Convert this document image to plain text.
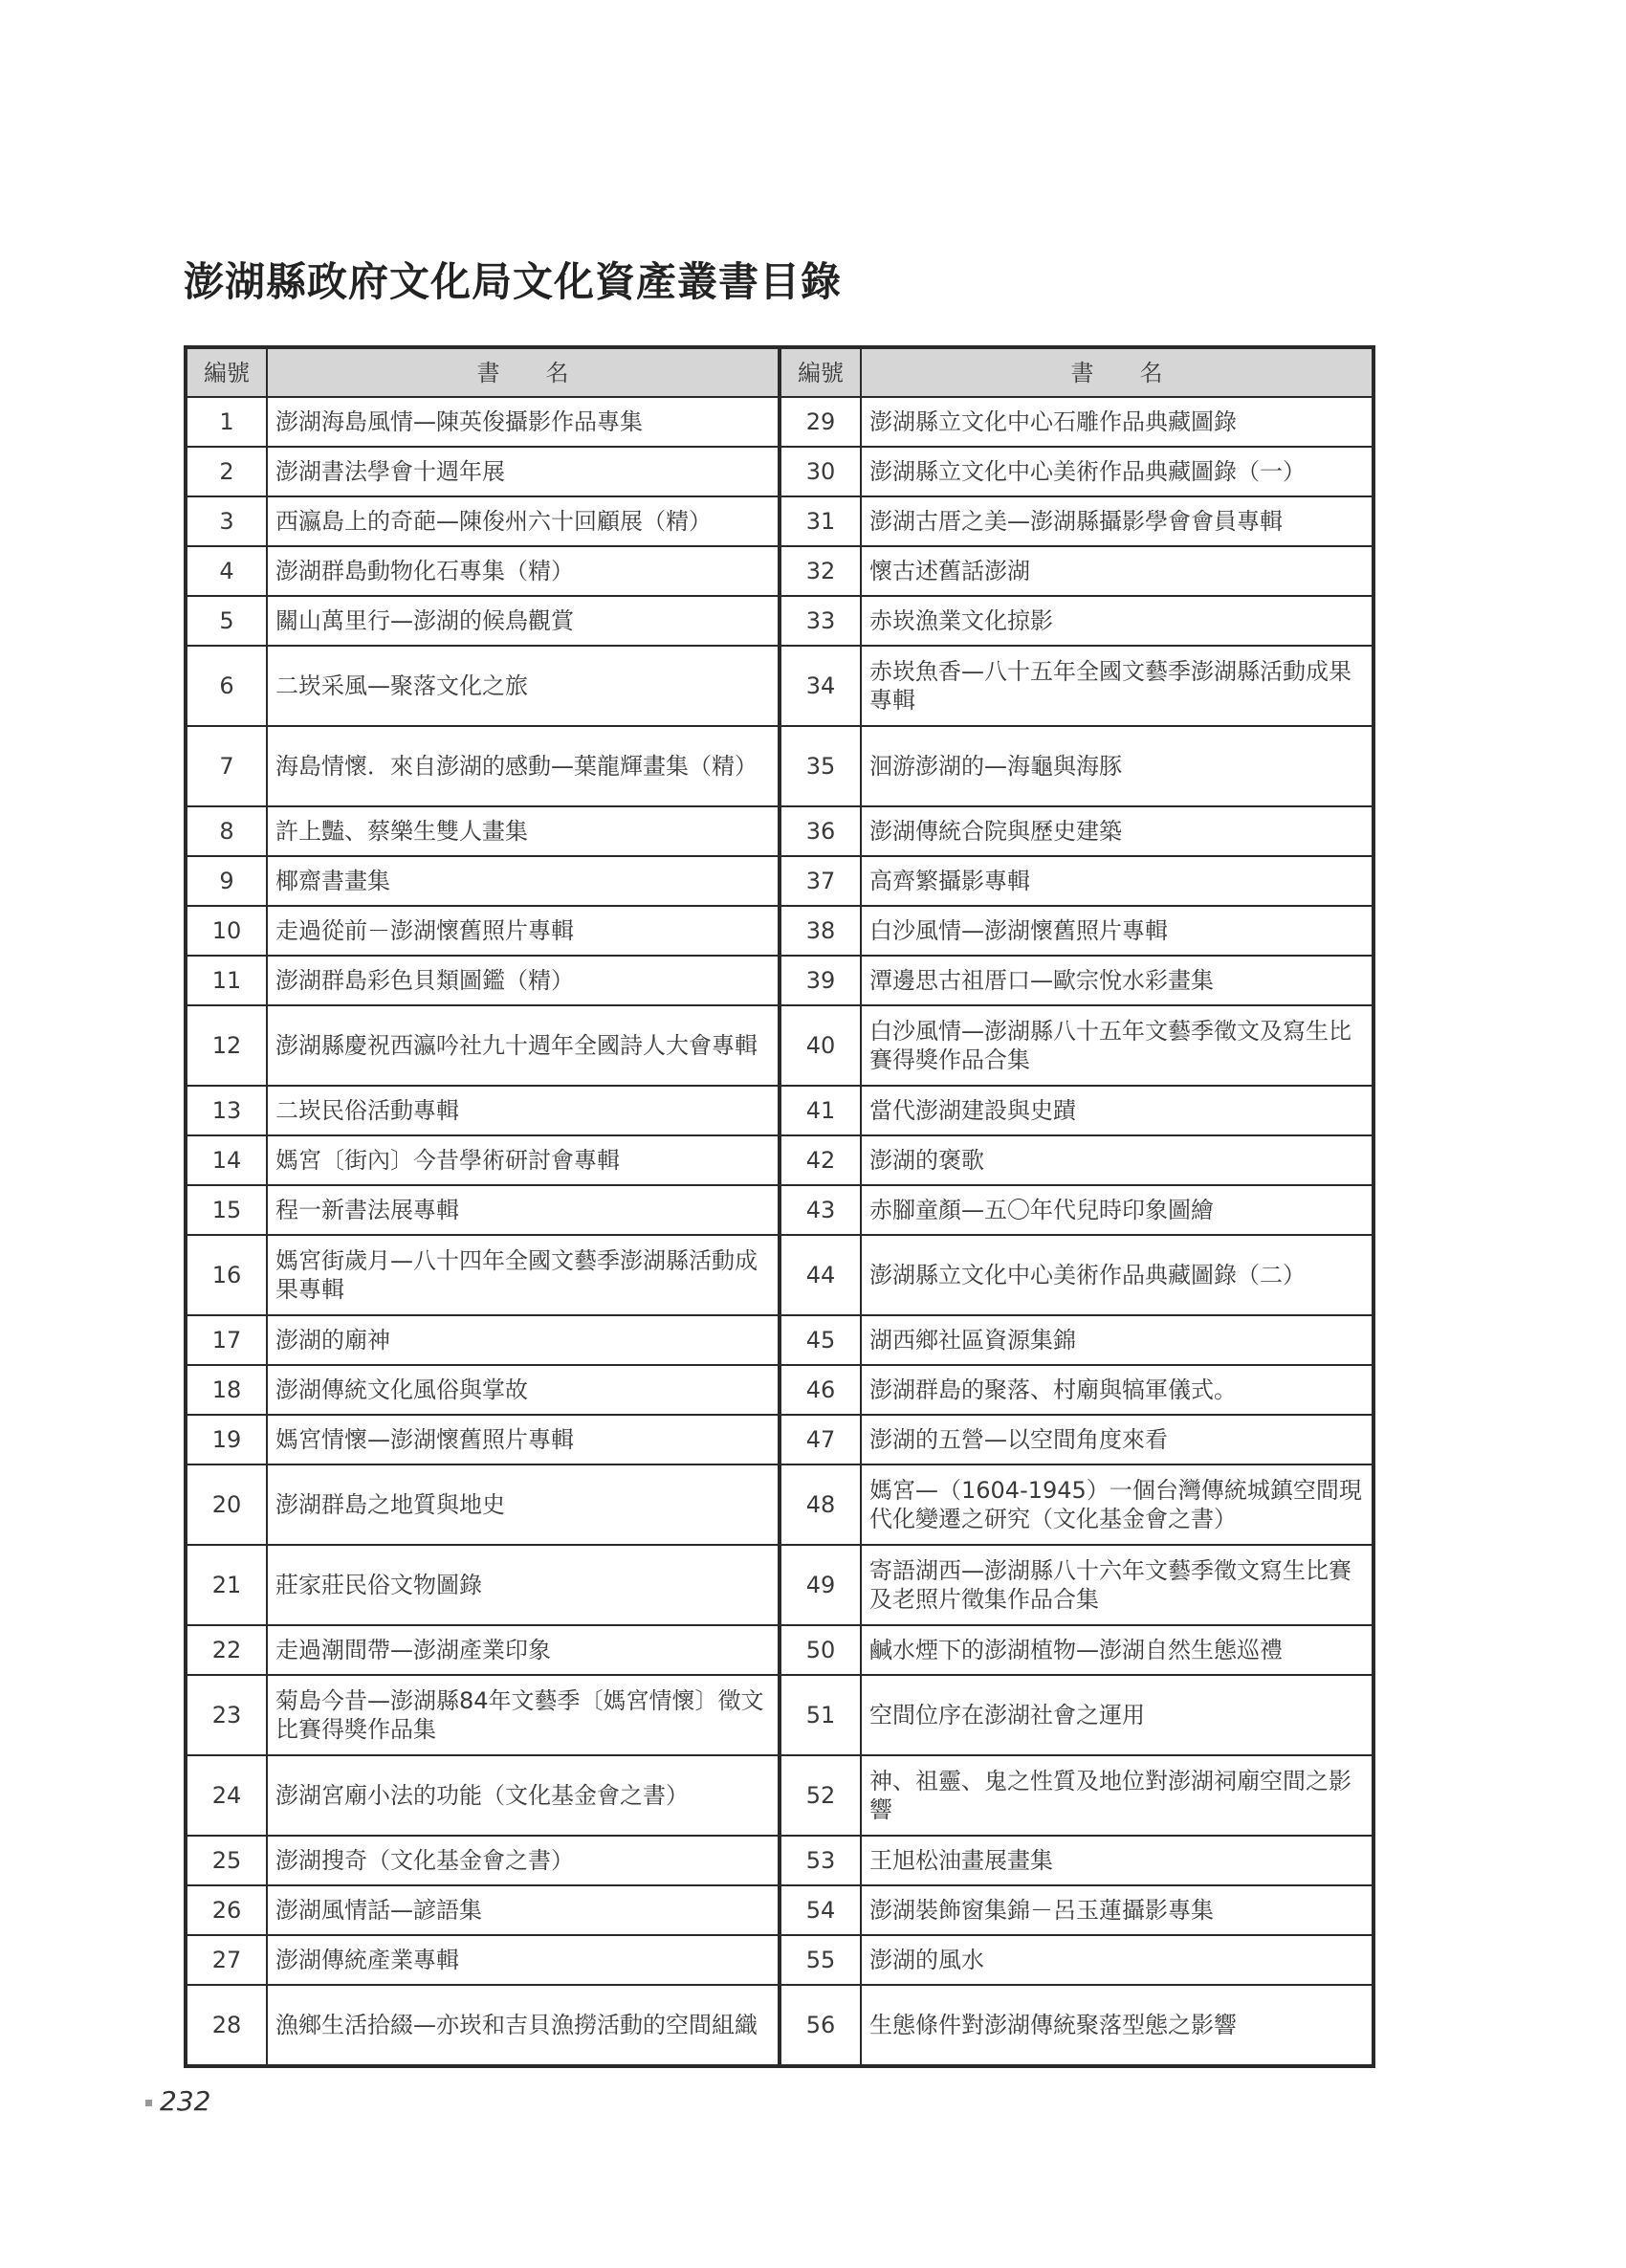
澎湖縣政府文化局文化資產叢書目錄
編號	書　　名	編號	書　　名
1	澎湖海島風情—陳英俊攝影作品專集	29	澎湖縣立文化中心石雕作品典藏圖錄
2	澎湖書法學會十週年展	30	澎湖縣立文化中心美術作品典藏圖錄（一）
3	西瀛島上的奇葩—陳俊州六十回顧展（精）	31	澎湖古厝之美—澎湖縣攝影學會會員專輯
4	澎湖群島動物化石專集（精）	32	懷古述舊話澎湖
5	關山萬里行—澎湖的候鳥觀賞	33	赤崁漁業文化掠影
6	二崁采風—聚落文化之旅	34	赤崁魚香—八十五年全國文藝季澎湖縣活動成果專輯
7	海島情懷．來自澎湖的感動—葉龍輝畫集（精）	35	洄游澎湖的—海龜與海豚
8	許上豔、蔡樂生雙人畫集	36	澎湖傳統合院與歷史建築
9	椰齋書畫集	37	高齊繁攝影專輯
10	走過從前－澎湖懷舊照片專輯	38	白沙風情—澎湖懷舊照片專輯
11	澎湖群島彩色貝類圖鑑（精）	39	潭邊思古祖厝口—歐宗悅水彩畫集
12	澎湖縣慶祝西瀛吟社九十週年全國詩人大會專輯	40	白沙風情—澎湖縣八十五年文藝季徵文及寫生比賽得獎作品合集
13	二崁民俗活動專輯	41	當代澎湖建設與史蹟
14	媽宮〔街內〕今昔學術研討會專輯	42	澎湖的褒歌
15	程一新書法展專輯	43	赤腳童顏—五〇年代兒時印象圖繪
16	媽宮街歲月—八十四年全國文藝季澎湖縣活動成果專輯	44	澎湖縣立文化中心美術作品典藏圖錄（二）
17	澎湖的廟神	45	湖西鄉社區資源集錦
18	澎湖傳統文化風俗與掌故	46	澎湖群島的聚落、村廟與犒軍儀式。
19	媽宮情懷—澎湖懷舊照片專輯	47	澎湖的五營—以空間角度來看
20	澎湖群島之地質與地史	48	媽宮—（1604-1945）一個台灣傳統城鎮空間現代化變遷之研究（文化基金會之書）
21	莊家莊民俗文物圖錄	49	寄語湖西—澎湖縣八十六年文藝季徵文寫生比賽及老照片徵集作品合集
22	走過潮間帶—澎湖產業印象	50	鹹水煙下的澎湖植物—澎湖自然生態巡禮
23	菊島今昔—澎湖縣84年文藝季〔媽宮情懷〕徵文比賽得獎作品集	51	空間位序在澎湖社會之運用
24	澎湖宮廟小法的功能（文化基金會之書）	52	神、祖靈、鬼之性質及地位對澎湖祠廟空間之影響
25	澎湖搜奇（文化基金會之書）	53	王旭松油畫展畫集
26	澎湖風情話—諺語集	54	澎湖裝飾窗集錦－呂玉蓮攝影專集
27	澎湖傳統產業專輯	55	澎湖的風水
28	漁鄉生活拾綴—亦崁和吉貝漁撈活動的空間組織	56	生態條件對澎湖傳統聚落型態之影響
232
